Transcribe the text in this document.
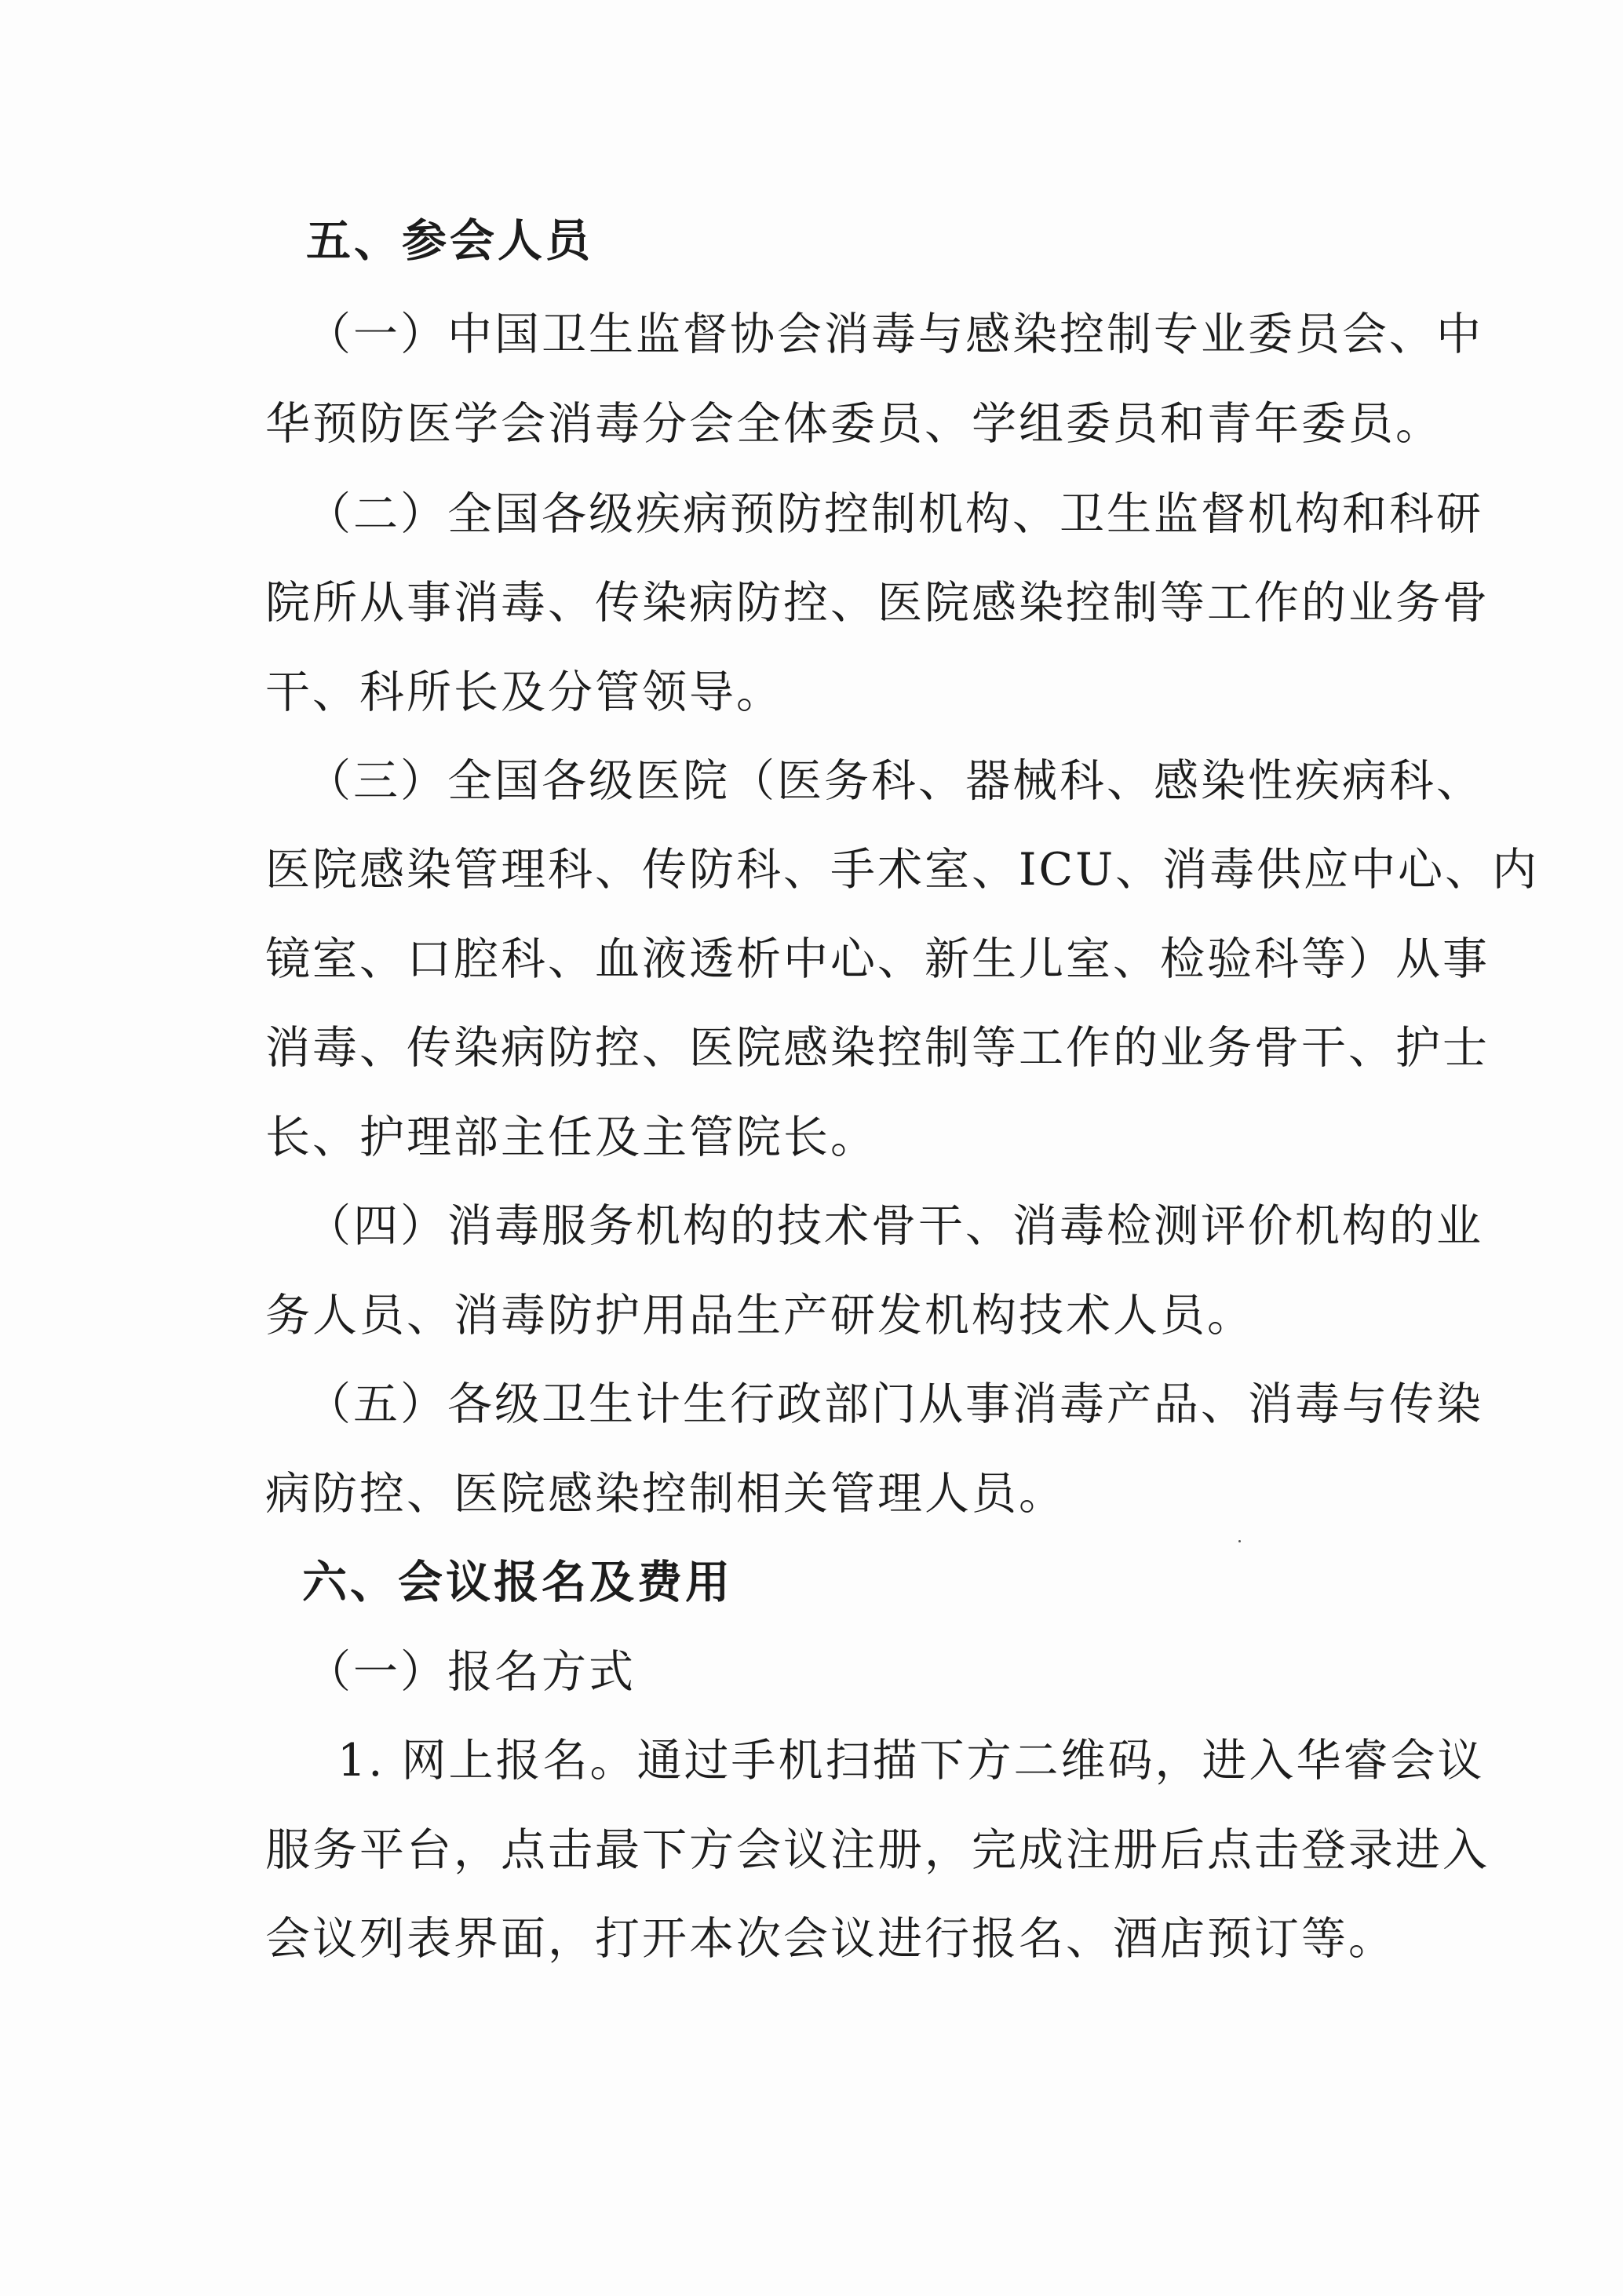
五、参会人员
（一）中国卫生监督协会消毒与感染控制专业委员会、中
华预防医学会消毒分会全体委员、学组委员和青年委员。
（二）全国各级疾病预防控制机构、卫生监督机构和科研
院所从事消毒、传染病防控、医院感染控制等工作的业务骨
干、科所长及分管领导。
（三）全国各级医院（医务科、器械科、感染性疾病科、
医院感染管理科、传防科、手术室、ICU、消毒供应中心、内
镜室、口腔科、血液透析中心、新生儿室、检验科等）从事
消毒、传染病防控、医院感染控制等工作的业务骨干、护士
长、护理部主任及主管院长。
（四）消毒服务机构的技术骨干、消毒检测评价机构的业
务人员、消毒防护用品生产研发机构技术人员。
（五）各级卫生计生行政部门从事消毒产品、消毒与传染
病防控、医院感染控制相关管理人员。
六、会议报名及费用
（一）报名方式
1. 网上报名。通过手机扫描下方二维码，进入华睿会议
服务平台，点击最下方会议注册，完成注册后点击登录进入
会议列表界面，打开本次会议进行报名、酒店预订等。
